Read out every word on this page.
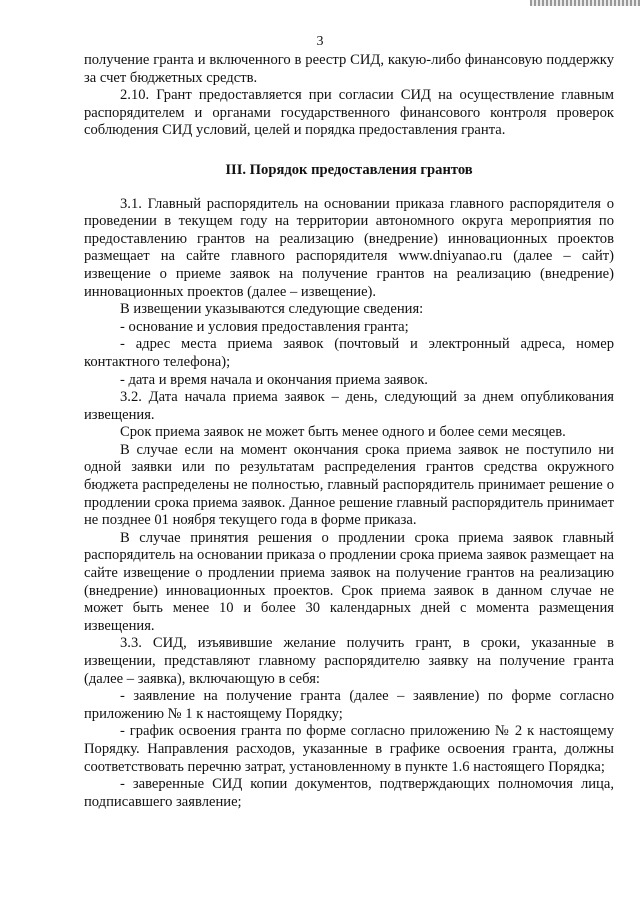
3

получение гранта и включенного в реестр СИД, какую-либо финансовую поддержку за счет бюджетных средств.

2.10. Грант предоставляется при согласии СИД на осуществление главным распорядителем и органами государственного финансового контроля проверок соблюдения СИД условий, целей и порядка предоставления гранта.

III. Порядок предоставления грантов

3.1. Главный распорядитель на основании приказа главного распорядителя о проведении в текущем году на территории автономного округа мероприятия по предоставлению грантов на реализацию (внедрение) инновационных проектов размещает на сайте главного распорядителя www.dniyanao.ru (далее – сайт) извещение о приеме заявок на получение грантов на реализацию (внедрение) инновационных проектов (далее – извещение).

В извещении указываются следующие сведения:

- основание и условия предоставления гранта;

- адрес места приема заявок (почтовый и электронный адреса, номер контактного телефона);

- дата и время начала и окончания приема заявок.

3.2. Дата начала приема заявок – день, следующий за днем опубликования извещения.

Срок приема заявок не может быть менее одного и более семи месяцев.

В случае если на момент окончания срока приема заявок не поступило ни одной заявки или по результатам распределения грантов средства окружного бюджета распределены не полностью, главный распорядитель принимает решение о продлении срока приема заявок. Данное решение главный распорядитель принимает не позднее 01 ноября текущего года в форме приказа.

В случае принятия решения о продлении срока приема заявок главный распорядитель на основании приказа о продлении срока приема заявок размещает на сайте извещение о продлении приема заявок на получение грантов на реализацию (внедрение) инновационных проектов. Срок приема заявок в данном случае не может быть менее 10 и более 30 календарных дней с момента размещения извещения.

3.3. СИД, изъявившие желание получить грант, в сроки, указанные в извещении, представляют главному распорядителю заявку на получение гранта (далее – заявка), включающую в себя:

- заявление на получение гранта (далее – заявление) по форме согласно приложению № 1 к настоящему Порядку;

- график освоения гранта по форме согласно приложению № 2 к настоящему Порядку. Направления расходов, указанные в графике освоения гранта, должны соответствовать перечню затрат, установленному в пункте 1.6 настоящего Порядка;

- заверенные СИД копии документов, подтверждающих полномочия лица, подписавшего заявление;
